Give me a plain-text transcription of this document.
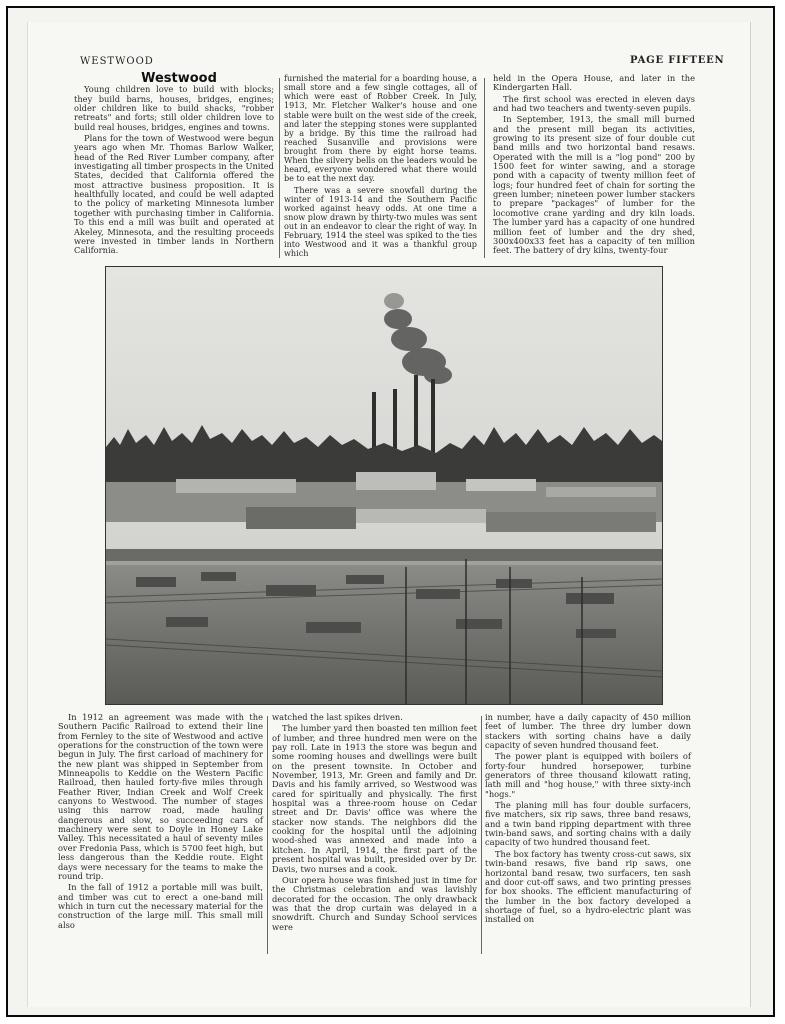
WESTWOOD	PAGE FIFTEEN

Westwood

Young children love to build with blocks; they build barns, houses, bridges, engines; older children like to build shacks, "robber retreats" and forts; still older children love to build real houses, bridges, engines and towns.

Plans for the town of Westwood were begun years ago when Mr. Thomas Barlow Walker, head of the Red River Lumber company, after investigating all timber prospects in the United States, decided that California offered the most attractive business proposition. It is healthfully located, and could be well adapted to the policy of marketing Minnesota lumber together with purchasing timber in California. To this end a mill was built and operated at Akeley, Minnesota, and the resulting proceeds were invested in timber lands in Northern California.

furnished the material for a boarding house, a small store and a few single cottages, all of which were east of Robber Creek. In July, 1913, Mr. Fletcher Walker's house and one stable were built on the west side of the creek, and later the stepping stones were supplanted by a bridge. By this time the railroad had reached Susanville and provisions were brought from there by eight horse teams. When the silvery bells on the leaders would be heard, everyone wondered what there would be to eat the next day.

There was a severe snowfall during the winter of 1913-14 and the Southern Pacific worked against heavy odds. At one time a snow plow drawn by thirty-two mules was sent out in an endeavor to clear the right of way. In February, 1914 the steel was spiked to the ties into Westwood and it was a thankful group which

held in the Opera House, and later in the Kindergarten Hall.

The first school was erected in eleven days and had two teachers and twenty-seven pupils.

In September, 1913, the small mill burned and the present mill began its activities, growing to its present size of four double cut band mills and two horizontal band resaws. Operated with the mill is a "log pond" 200 by 1500 feet for winter sawing, and a storage pond with a capacity of twenty million feet of logs; four hundred feet of chain for sorting the green lumber; nineteen power lumber stackers to prepare "packages" of lumber for the locomotive crane yarding and dry kiln loads. The lumber yard has a capacity of one hundred million feet of lumber and the dry shed, 300x400x33 feet has a capacity of ten million feet. The battery of dry kilns, twenty-four

In 1912 an agreement was made with the Southern Pacific Railroad to extend their line from Fernley to the site of Westwood and active operations for the construction of the town were begun in July. The first carload of machinery for the new plant was shipped in September from Minneapolis to Keddie on the Western Pacific Railroad, then hauled forty-five miles through Feather River, Indian Creek and Wolf Creek canyons to Westwood. The number of stages using this narrow road, made hauling dangerous and slow, so succeeding cars of machinery were sent to Doyle in Honey Lake Valley. This necessitated a haul of seventy miles over Fredonia Pass, which is 5700 feet high, but less dangerous than the Keddie route. Eight days were necessary for the teams to make the round trip.

In the fall of 1912 a portable mill was built, and timber was cut to erect a one-band mill which in turn cut the necessary material for the construction of the large mill. This small mill also

watched the last spikes driven.

The lumber yard then boasted ten million feet of lumber, and three hundred men were on the pay roll. Late in 1913 the store was begun and some rooming houses and dwellings were built on the present townsite. In October and November, 1913, Mr. Green and family and Dr. Davis and his family arrived, so Westwood was cared for spiritually and physically. The first hospital was a three-room house on Cedar street and Dr. Davis' office was where the stacker now stands. The neighbors did the cooking for the hospital until the adjoining wood-shed was annexed and made into a kitchen. In April, 1914, the first part of the present hospital was built, presided over by Dr. Davis, two nurses and a cook.

Our opera house was finished just in time for the Christmas celebration and was lavishly decorated for the occasion. The only drawback was that the drop curtain was delayed in a snowdrift. Church and Sunday School services were

in number, have a daily capacity of 450 million feet of lumber. The three dry lumber down stackers with sorting chains have a daily capacity of seven hundred thousand feet.

The power plant is equipped with boilers of forty-four hundred horsepower, turbine generators of three thousand kilowatt rating, lath mill and "hog house," with three sixty-inch "hogs."

The planing mill has four double surfacers, five matchers, six rip saws, three band resaws, and a twin band ripping department with three twin-band saws, and sorting chains with a daily capacity of two hundred thousand feet.

The box factory has twenty cross-cut saws, six twin-band resaws, five band rip saws, one horizontal band resaw, two surfacers, ten sash and door cut-off saws, and two printing presses for box shooks. The efficient manufacturing of the lumber in the box factory developed a shortage of fuel, so a hydro-electric plant was installed on
